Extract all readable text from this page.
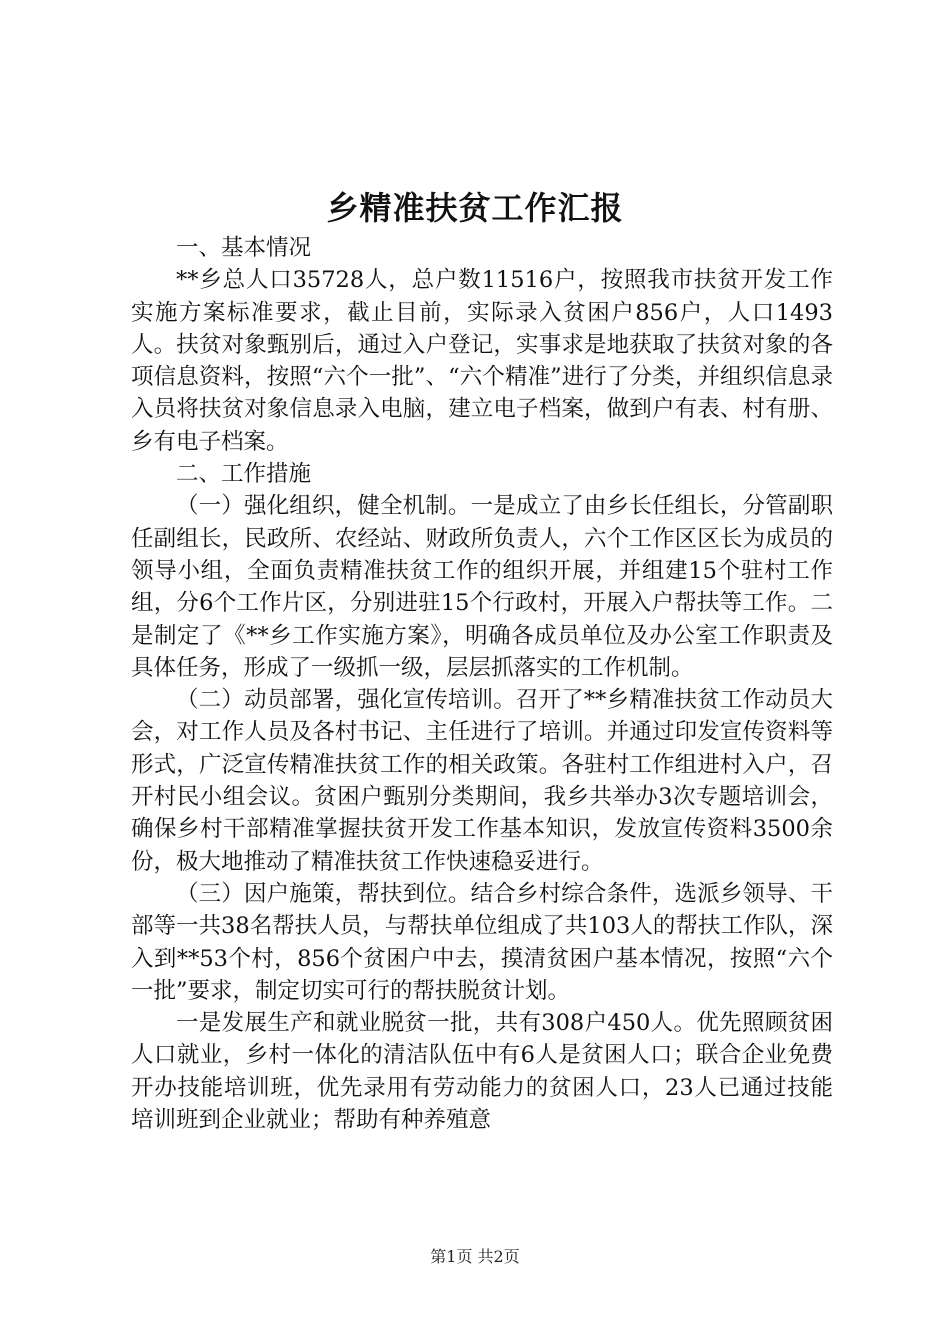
乡精准扶贫工作汇报

一、基本情况

**乡总人口35728人，总户数11516户，按照我市扶贫开发工作实施方案标准要求，截止目前，实际录入贫困户856户，人口1493人。扶贫对象甄别后，通过入户登记，实事求是地获取了扶贫对象的各项信息资料，按照“六个一批”、“六个精准”进行了分类，并组织信息录入员将扶贫对象信息录入电脑，建立电子档案，做到户有表、村有册、乡有电子档案。

二、工作措施

（一）强化组织，健全机制。一是成立了由乡长任组长，分管副职任副组长，民政所、农经站、财政所负责人，六个工作区区长为成员的领导小组，全面负责精准扶贫工作的组织开展，并组建15个驻村工作组，分6个工作片区，分别进驻15个行政村，开展入户帮扶等工作。二是制定了《**乡工作实施方案》，明确各成员单位及办公室工作职责及具体任务，形成了一级抓一级，层层抓落实的工作机制。

（二）动员部署，强化宣传培训。召开了**乡精准扶贫工作动员大会，对工作人员及各村书记、主任进行了培训。并通过印发宣传资料等形式，广泛宣传精准扶贫工作的相关政策。各驻村工作组进村入户，召开村民小组会议。贫困户甄别分类期间，我乡共举办3次专题培训会，确保乡村干部精准掌握扶贫开发工作基本知识，发放宣传资料3500余份，极大地推动了精准扶贫工作快速稳妥进行。

（三）因户施策，帮扶到位。结合乡村综合条件，选派乡领导、干部等一共38名帮扶人员，与帮扶单位组成了共103人的帮扶工作队，深入到**53个村，856个贫困户中去，摸清贫困户基本情况，按照“六个一批”要求，制定切实可行的帮扶脱贫计划。

一是发展生产和就业脱贫一批，共有308户450人。优先照顾贫困人口就业，乡村一体化的清洁队伍中有6人是贫困人口；联合企业免费开办技能培训班，优先录用有劳动能力的贫困人口，23人已通过技能培训班到企业就业；帮助有种养殖意

第1页 共2页
